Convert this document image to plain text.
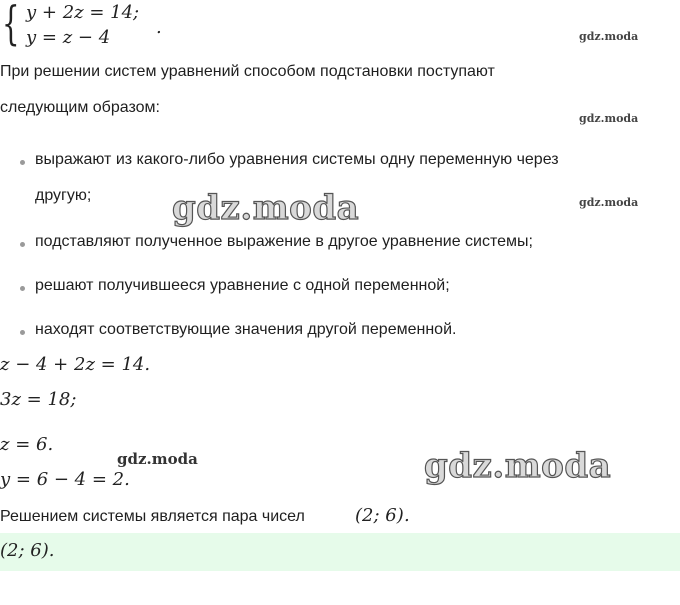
{ y + 2z = 14;
y = z − 4	.	gdz.moda
gdz.moda
gdz.moda
При решении систем уравнений способом подстановки поступают
следующим образом:
выражают из какого-либо уравнения системы одну переменную через
другую;
подставляют полученное выражение в другое уравнение системы;
решают получившееся уравнение с одной переменной;
находят соответствующие значения другой переменной.
gdz.moda
z − 4 + 2z = 14.
3z = 18;
z = 6.
y = 6 − 4 = 2.
gdz.moda	gdz.moda
Решением системы является пара чисел	(2; 6) .
(2; 6).
